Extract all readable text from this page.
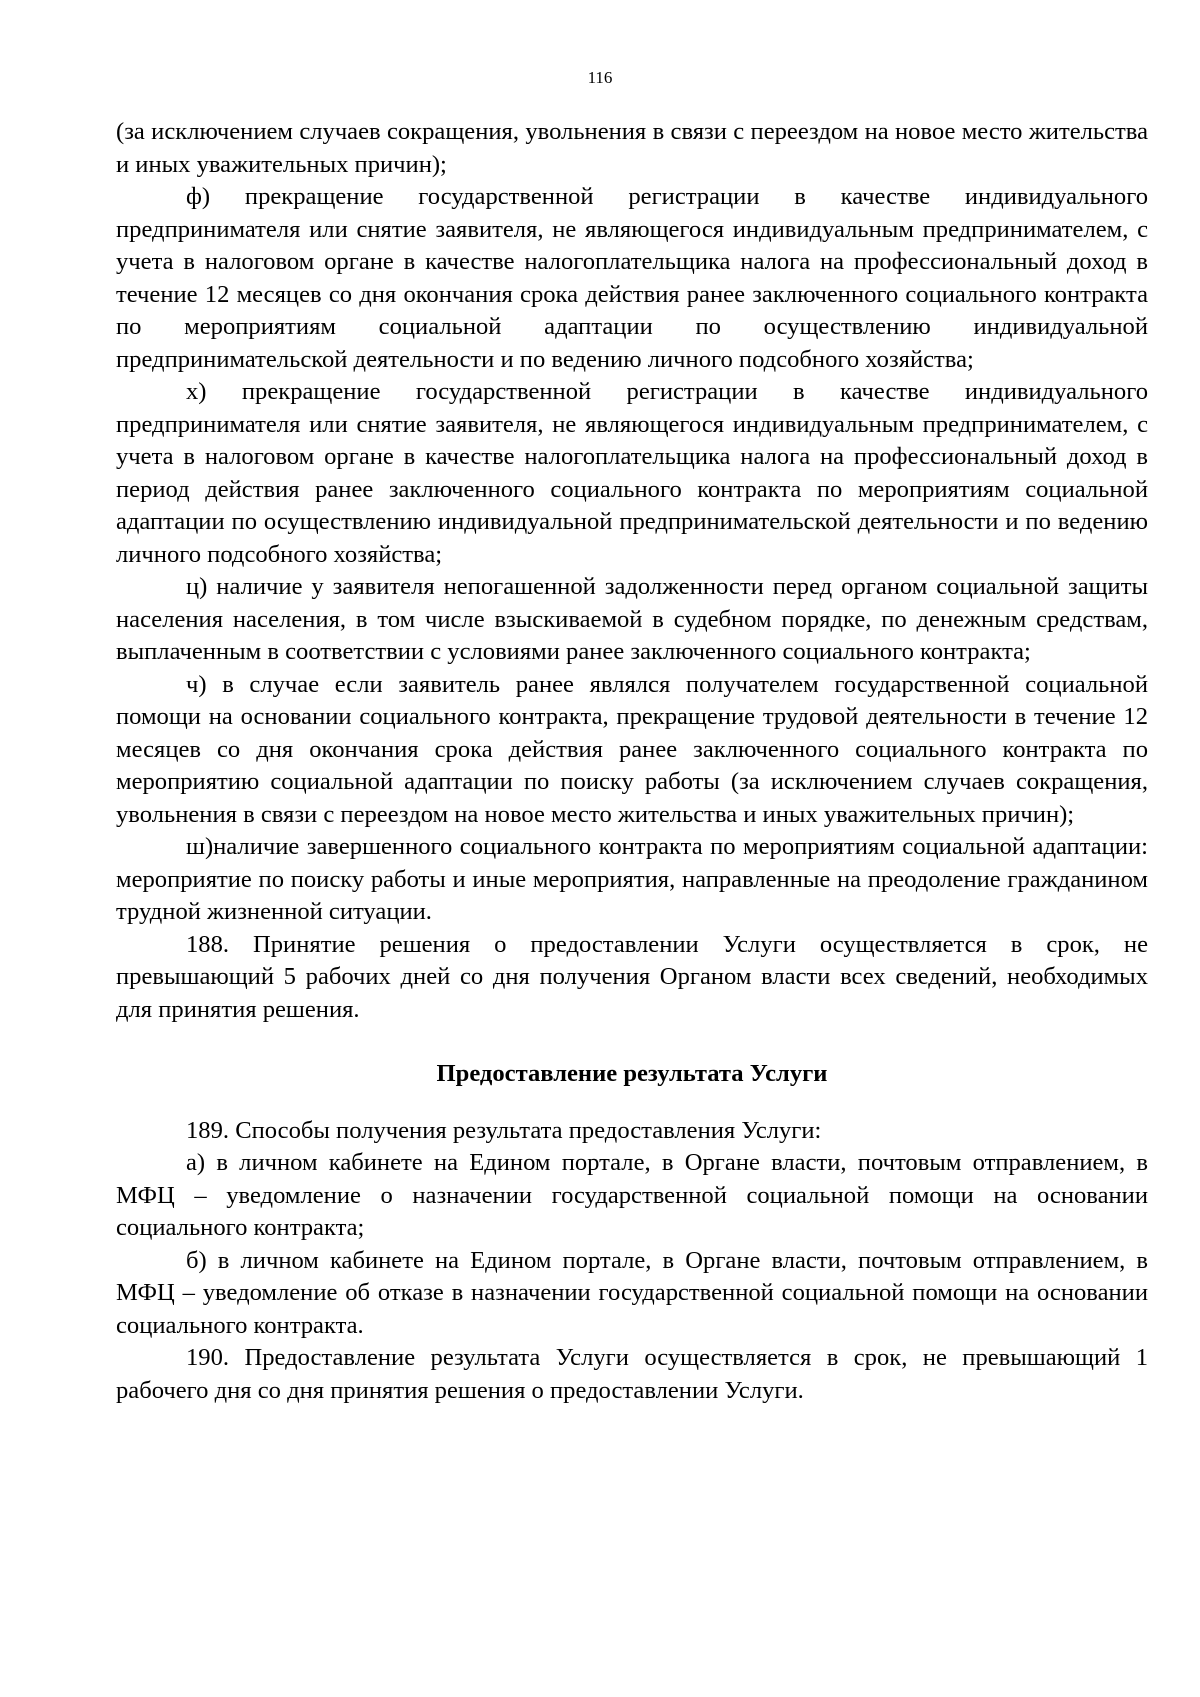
116

(за исключением случаев сокращения, увольнения в связи с переездом на новое место жительства и иных уважительных причин);

ф) прекращение государственной регистрации в качестве индивидуального предпринимателя или снятие заявителя, не являющегося индивидуальным предпринимателем, с учета в налоговом органе в качестве налогоплательщика налога на профессиональный доход в течение 12 месяцев со дня окончания срока действия ранее заключенного социального контракта по мероприятиям социальной адаптации по осуществлению индивидуальной предпринимательской деятельности и по ведению личного подсобного хозяйства;

х) прекращение государственной регистрации в качестве индивидуального предпринимателя или снятие заявителя, не являющегося индивидуальным предпринимателем, с учета в налоговом органе в качестве налогоплательщика налога на профессиональный доход в период действия ранее заключенного социального контракта по мероприятиям социальной адаптации по осуществлению индивидуальной предпринимательской деятельности и по ведению личного подсобного хозяйства;

ц) наличие у заявителя непогашенной задолженности перед органом социальной защиты населения населения, в том числе взыскиваемой в судебном порядке, по денежным средствам, выплаченным в соответствии с условиями ранее заключенного социального контракта;

ч) в случае если заявитель ранее являлся получателем государственной социальной помощи на основании социального контракта, прекращение трудовой деятельности в течение 12 месяцев со дня окончания срока действия ранее заключенного социального контракта по мероприятию социальной адаптации по поиску работы (за исключением случаев сокращения, увольнения в связи с переездом на новое место жительства и иных уважительных причин);

ш)наличие завершенного социального контракта по мероприятиям социальной адаптации: мероприятие по поиску работы и иные мероприятия, направленные на преодоление гражданином трудной жизненной ситуации.

188. Принятие решения о предоставлении Услуги осуществляется в срок, не превышающий 5 рабочих дней со дня получения Органом власти всех сведений, необходимых для принятия решения.

Предоставление результата Услуги

189. Способы получения результата предоставления Услуги:

а) в личном кабинете на Едином портале, в Органе власти, почтовым отправлением, в МФЦ – уведомление о назначении государственной социальной помощи на основании социального контракта;

б) в личном кабинете на Едином портале, в Органе власти, почтовым отправлением, в МФЦ – уведомление об отказе в назначении государственной социальной помощи на основании социального контракта.

190. Предоставление результата Услуги осуществляется в срок, не превышающий 1 рабочего дня со дня принятия решения о предоставлении Услуги.
